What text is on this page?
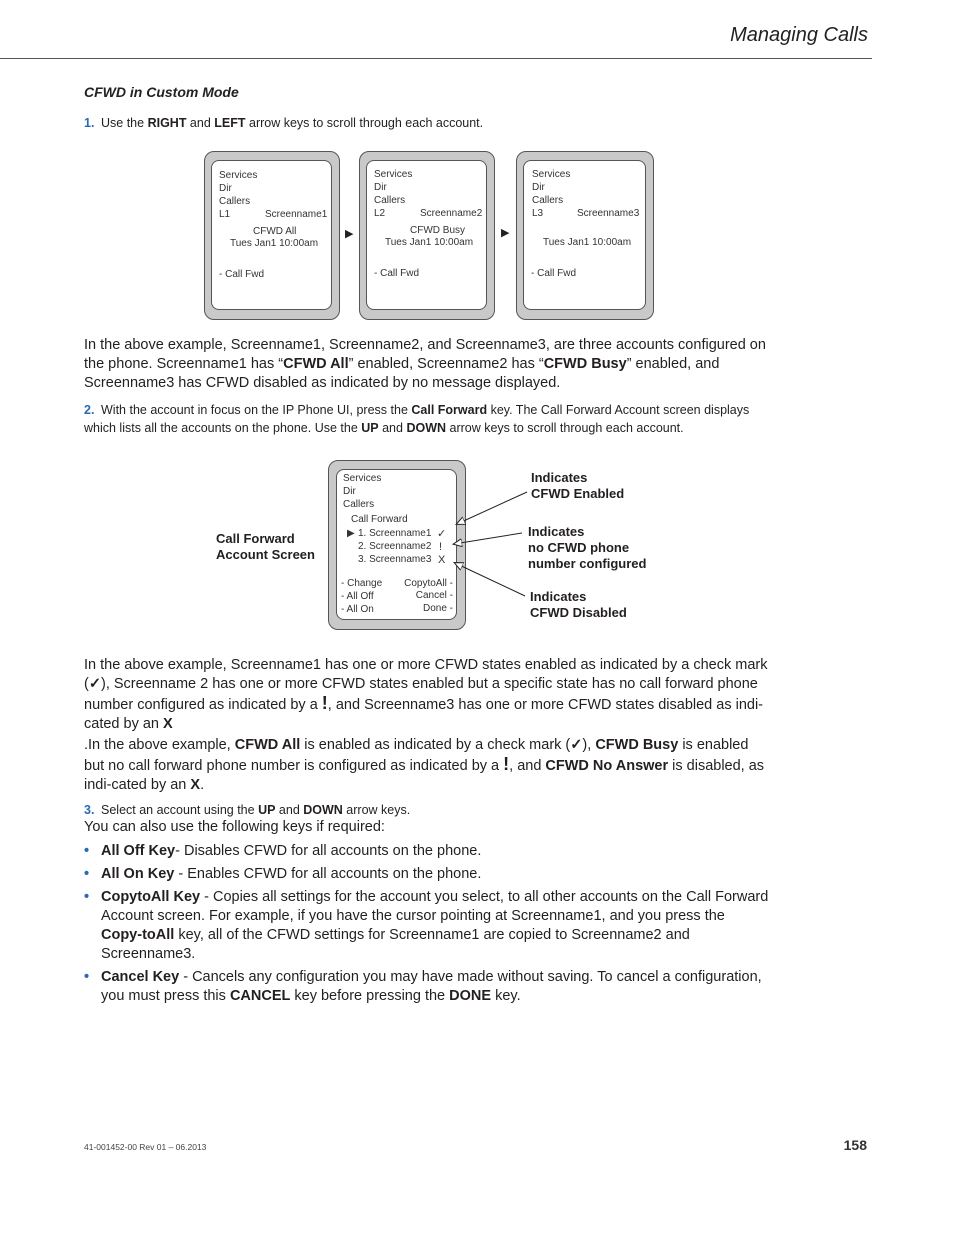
Managing Calls
CFWD in Custom Mode
1. Use the RIGHT and LEFT arrow keys to scroll through each account.
Services
Dir
Callers
L1	Screenname1
CFWD All
Tues Jan1 10:00am
- Call Fwd
▶
Services
Dir
Callers
L2	Screenname2
CFWD Busy
Tues Jan1 10:00am
- Call Fwd
▶
Services
Dir
Callers
L3	Screenname3
Tues Jan1 10:00am
- Call Fwd
In the above example, Screenname1, Screenname2, and Screenname3, are three accounts configured on the phone. Screenname1 has “CFWD All” enabled, Screenname2 has “CFWD Busy” enabled, and Screenname3 has CFWD disabled as indicated by no message displayed.
2. With the account in focus on the IP Phone UI, press the Call Forward key. The Call Forward Account screen displays which lists all the accounts on the phone. Use the UP and DOWN arrow keys to scroll through each account.
Call Forward
Account Screen
Services
Dir
Callers
Call Forward
▶ 1. Screenname1
2. Screenname2
3. Screenname3
✓
!
X
- Change
- All Off
- All On
CopytoAll -
Cancel -
Done -
Indicates
CFWD Enabled
Indicates
no CFWD phone
number configured
Indicates
CFWD Disabled
In the above example, Screenname1 has one or more CFWD states enabled as indicated by a check mark (✓), Screenname 2 has one or more CFWD states enabled but a specific state has no call forward phone number configured as indicated by a !, and Screenname3 has one or more CFWD states disabled as indi-cated by an X
.In the above example, CFWD All is enabled as indicated by a check mark (✓), CFWD Busy is enabled but no call forward phone number is configured as indicated by a !, and CFWD No Answer is disabled, as indi-cated by an X.
3. Select an account using the UP and DOWN arrow keys.
You can also use the following keys if required:
• All Off Key- Disables CFWD for all accounts on the phone.
• All On Key - Enables CFWD for all accounts on the phone.
• CopytoAll Key - Copies all settings for the account you select, to all other accounts on the Call Forward Account screen. For example, if you have the cursor pointing at Screenname1, and you press the Copy-toAll key, all of the CFWD settings for Screenname1 are copied to Screenname2 and Screenname3.
• Cancel Key - Cancels any configuration you may have made without saving. To cancel a configuration, you must press this CANCEL key before pressing the DONE key.
41-001452-00 Rev 01 – 06.2013	158
